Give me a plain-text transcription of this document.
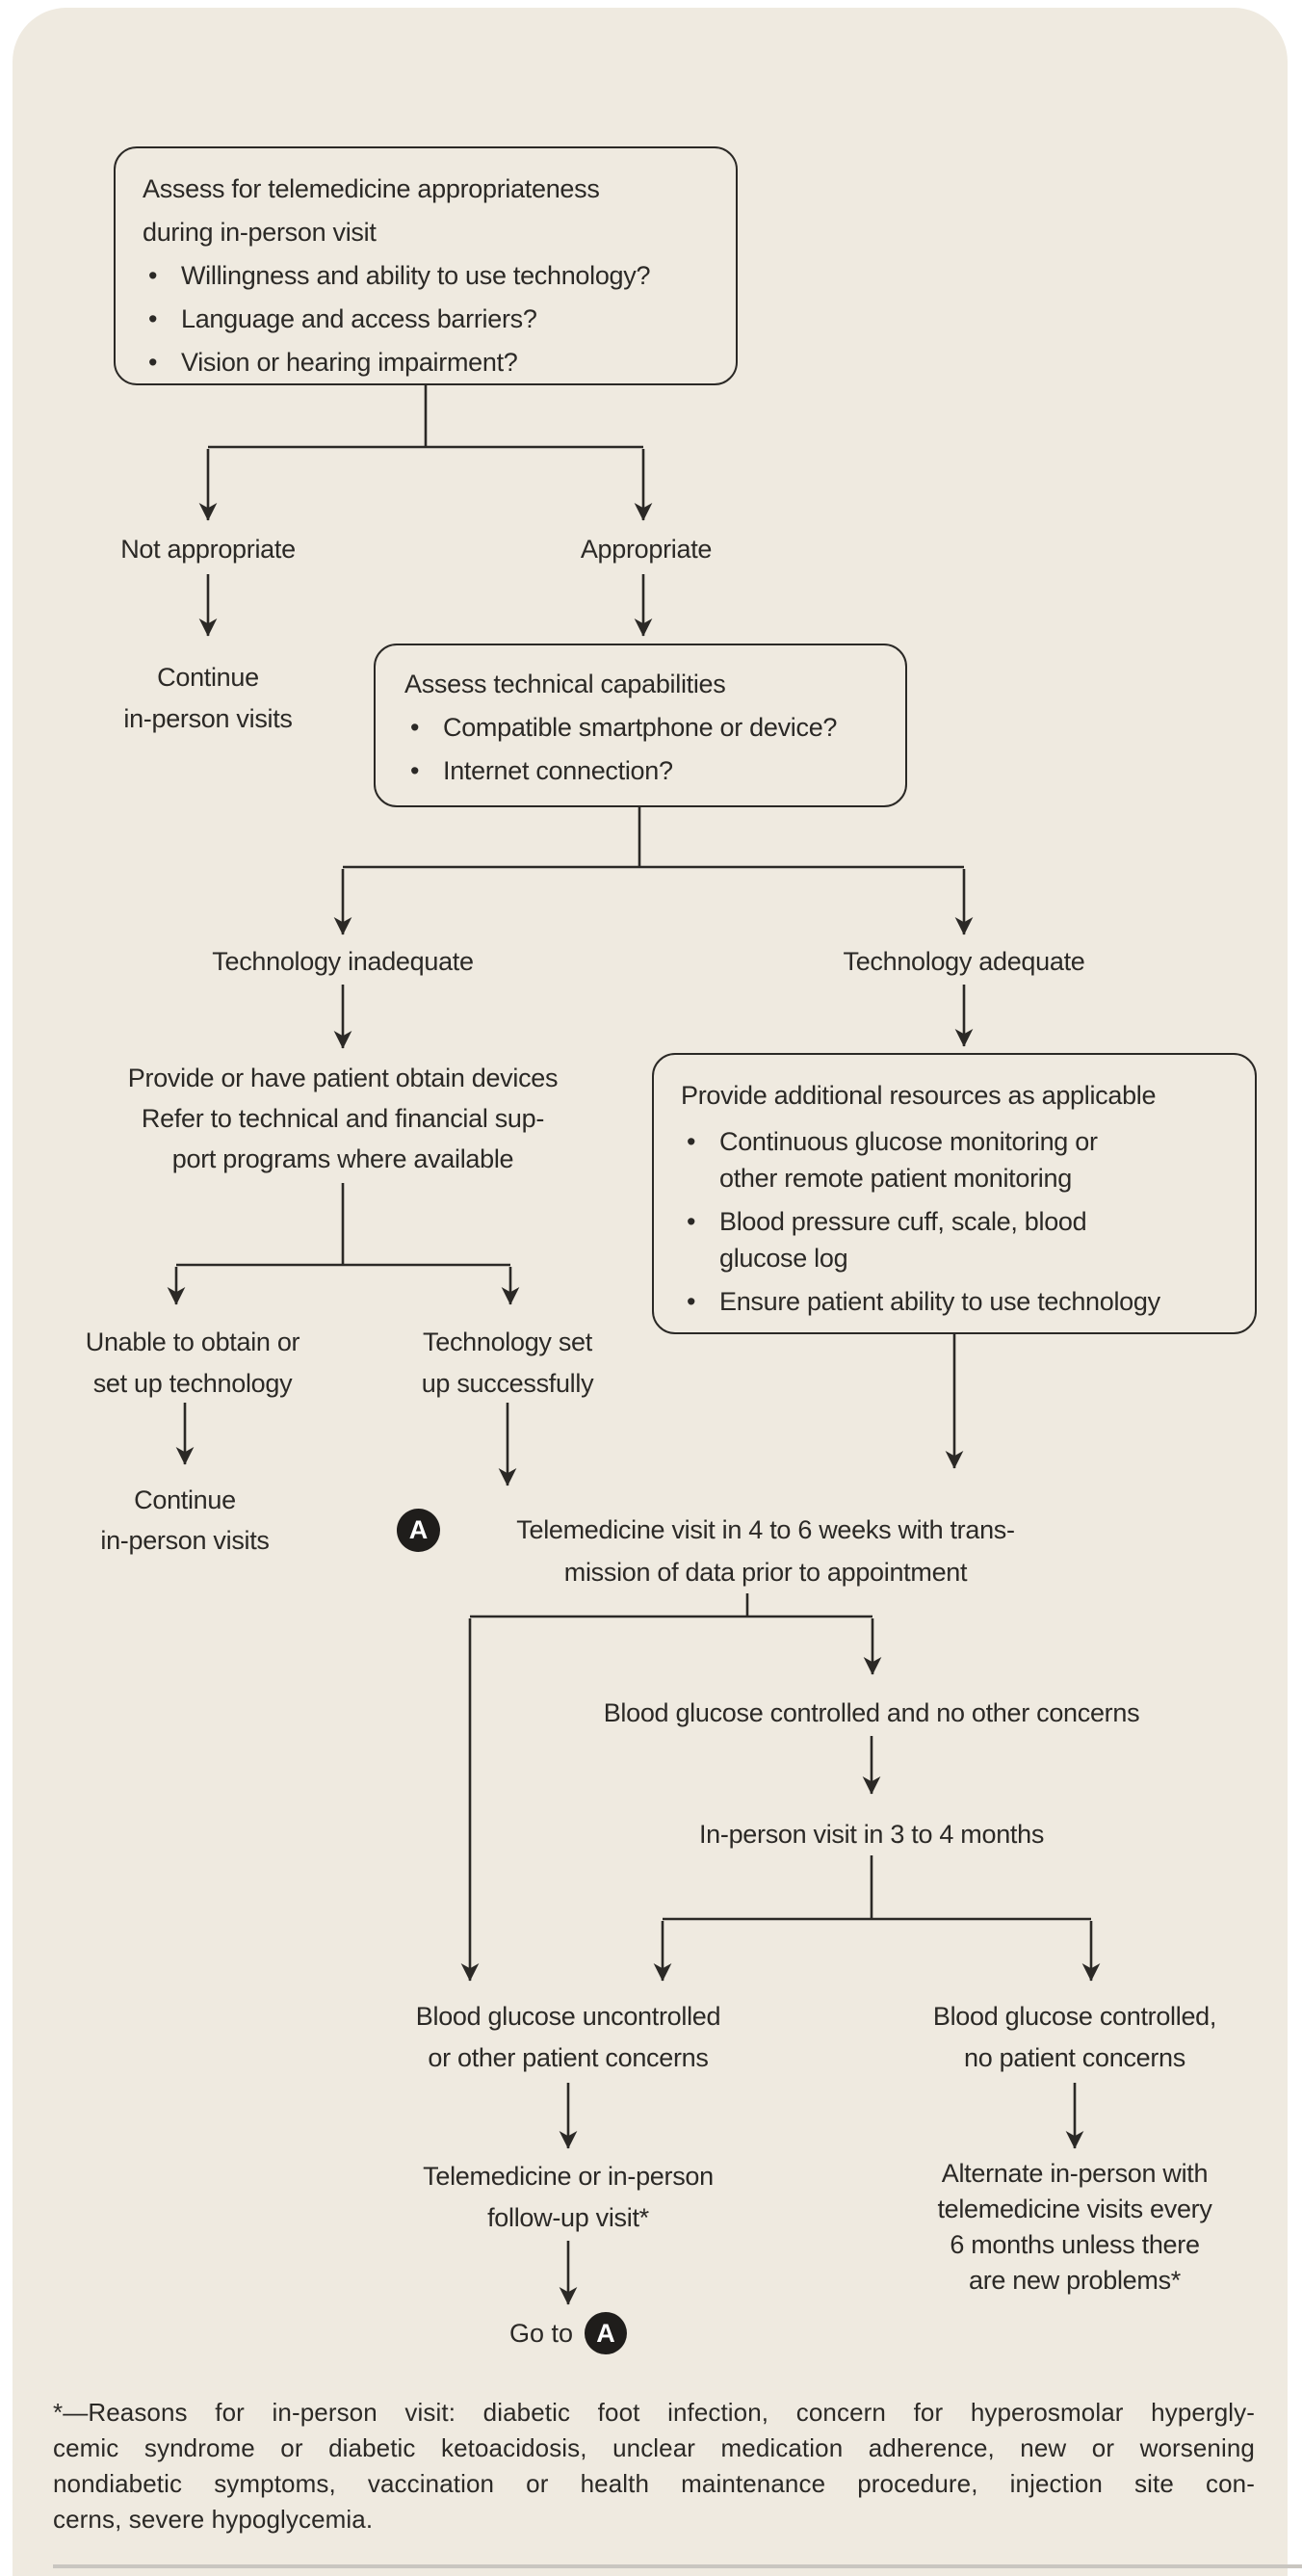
Assess for telemedicine appropriateness
during in-person visit
• Willingness and ability to use technology?
• Language and access barriers?
• Vision or hearing impairment?
Not appropriate	Appropriate
Continue
in-person visits
Assess technical capabilities
• Compatible smartphone or device?
• Internet connection?
Technology inadequate	Technology adequate
Provide or have patient obtain devices
Refer to technical and financial sup-
port programs where available
Provide additional resources as applicable
• Continuous glucose monitoring or
other remote patient monitoring
• Blood pressure cuff, scale, blood
glucose log
• Ensure patient ability to use technology
Unable to obtain or
set up technology
Technology set
up successfully
Continue
in-person visits	A	Telemedicine visit in 4 to 6 weeks with trans-
mission of data prior to appointment
Blood glucose controlled and no other concerns
In-person visit in 3 to 4 months
Blood glucose uncontrolled
or other patient concerns
Blood glucose controlled,
no patient concerns
Telemedicine or in-person
follow-up visit*
Alternate in-person with
telemedicine visits every
6 months unless there
are new problems*
Go to A
*—Reasons for in-person visit: diabetic foot infection, concern for hyperosmolar hypergly-
cemic syndrome or diabetic ketoacidosis, unclear medication adherence, new or worsening
nondiabetic symptoms, vaccination or health maintenance procedure, injection site con-
cerns, severe hypoglycemia.
